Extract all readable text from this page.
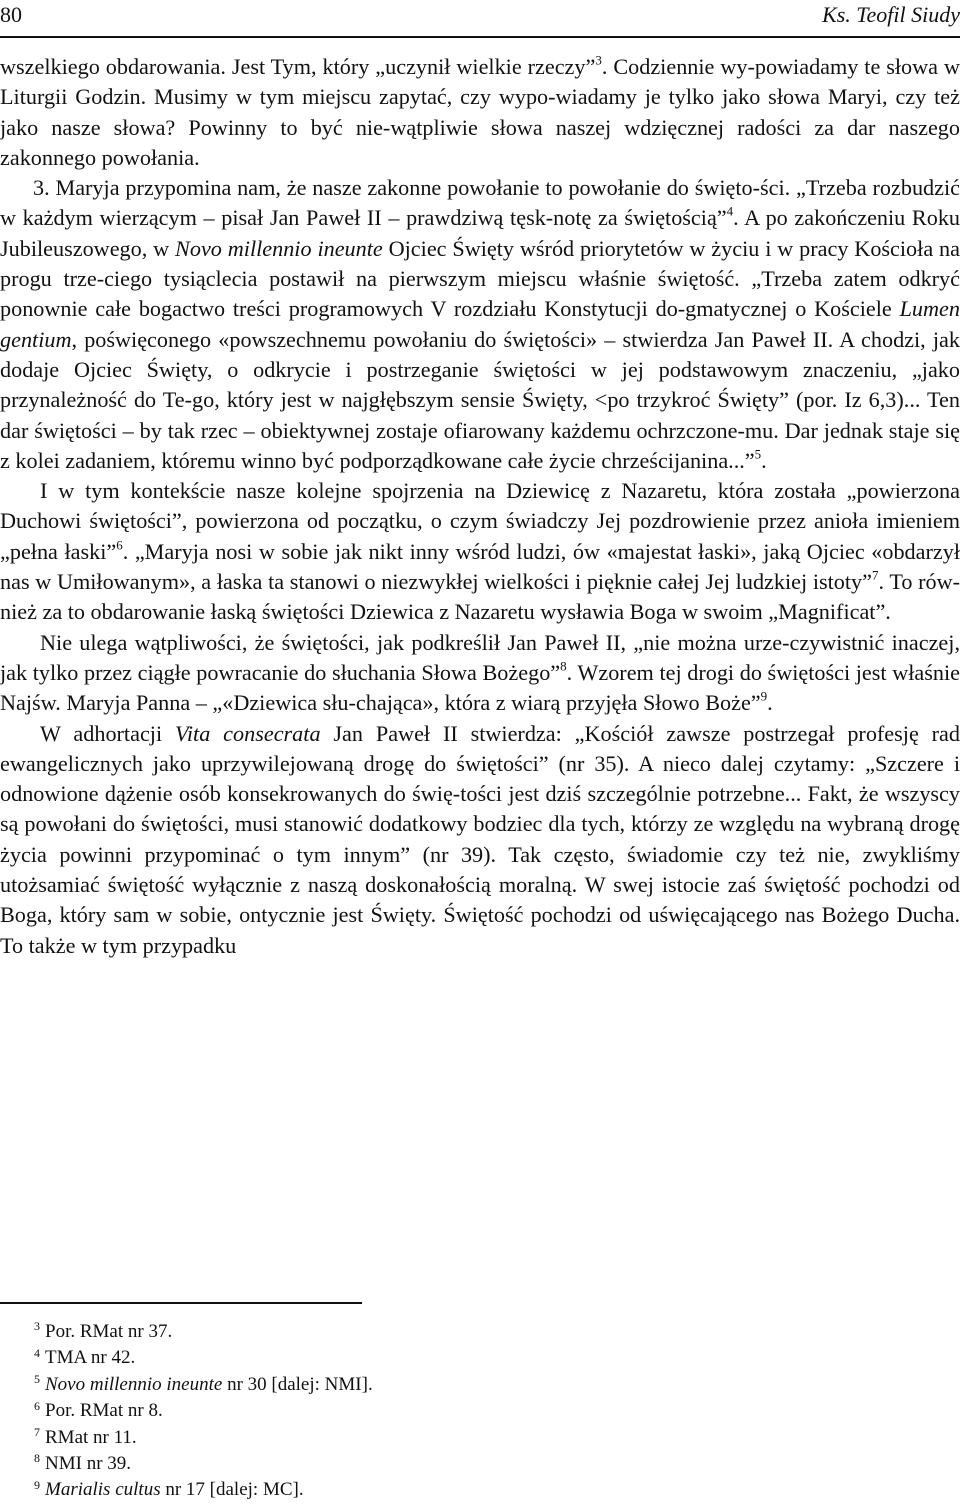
80	Ks. Teofil Siudy

wszelkiego obdarowania. Jest Tym, który „uczynił wielkie rzeczy”$^3$. Codziennie wy-powiadamy te słowa w Liturgii Godzin. Musimy w tym miejscu zapytać, czy wypo-wiadamy je tylko jako słowa Maryi, czy też jako nasze słowa? Powinny to być nie-wątpliwie słowa naszej wdzięcznej radości za dar naszego zakonnego powołania.

3. Maryja przypomina nam, że nasze zakonne powołanie to powołanie do święto-ści. „Trzeba rozbudzić w każdym wierzącym – pisał Jan Paweł II – prawdziwą tęsk-notę za świętością”$^4$. A po zakończeniu Roku Jubileuszowego, w Novo millennio ineunte Ojciec Święty wśród priorytetów w życiu i w pracy Kościoła na progu trze-ciego tysiąclecia postawił na pierwszym miejscu właśnie świętość. „Trzeba zatem odkryć ponownie całe bogactwo treści programowych V rozdziału Konstytucji do-gmatycznej o Kościele Lumen gentium, poświęconego «powszechnemu powołaniu do świętości» – stwierdza Jan Paweł II. A chodzi, jak dodaje Ojciec Święty, o odkrycie i postrzeganie świętości w jej podstawowym znaczeniu, „jako przynależność do Te-go, który jest w najgłębszym sensie Święty, <po trzykroć Święty” (por. Iz 6,3)... Ten dar świętości – by tak rzec – obiektywnej zostaje ofiarowany każdemu ochrzczone-mu. Dar jednak staje się z kolei zadaniem, któremu winno być podporządkowane całe życie chrześcijanina...”$^5$.

I w tym kontekście nasze kolejne spojrzenia na Dziewicę z Nazaretu, która została „powierzona Duchowi świętości”, powierzona od początku, o czym świadczy Jej pozdrowienie przez anioła imieniem „pełna łaski”$^6$. „Maryja nosi w sobie jak nikt inny wśród ludzi, ów «majestat łaski», jaką Ojciec «obdarzył nas w Umiłowanym», a łaska ta stanowi o niezwykłej wielkości i pięknie całej Jej ludzkiej istoty”$^7$. To rów-nież za to obdarowanie łaską świętości Dziewica z Nazaretu wysławia Boga w swoim „Magnificat”.

Nie ulega wątpliwości, że świętości, jak podkreślił Jan Paweł II, „nie można urze-czywistnić inaczej, jak tylko przez ciągłe powracanie do słuchania Słowa Bożego”$^8$. Wzorem tej drogi do świętości jest właśnie Najśw. Maryja Panna – „«Dziewica słu-chająca», która z wiarą przyjęła Słowo Boże”$^9$.

W adhortacji Vita consecrata Jan Paweł II stwierdza: „Kościół zawsze postrzegał profesję rad ewangelicznych jako uprzywilejowaną drogę do świętości” (nr 35). A nieco dalej czytamy: „Szczere i odnowione dążenie osób konsekrowanych do świę-tości jest dziś szczególnie potrzebne... Fakt, że wszyscy są powołani do świętości, musi stanowić dodatkowy bodziec dla tych, którzy ze względu na wybraną drogę życia powinni przypominać o tym innym” (nr 39). Tak często, świadomie czy też nie, zwykliśmy utożsamiać świętość wyłącznie z naszą doskonałością moralną. W swej istocie zaś świętość pochodzi od Boga, który sam w sobie, ontycznie jest Święty. Świętość pochodzi od uświęcającego nas Bożego Ducha. To także w tym przypadku

$^3$ Por. RMat nr 37.
$^4$ TMA nr 42.
$^5$ Novo millennio ineunte nr 30 [dalej: NMI].
$^6$ Por. RMat nr 8.
$^7$ RMat nr 11.
$^8$ NMI nr 39.
$^9$ Marialis cultus nr 17 [dalej: MC].
